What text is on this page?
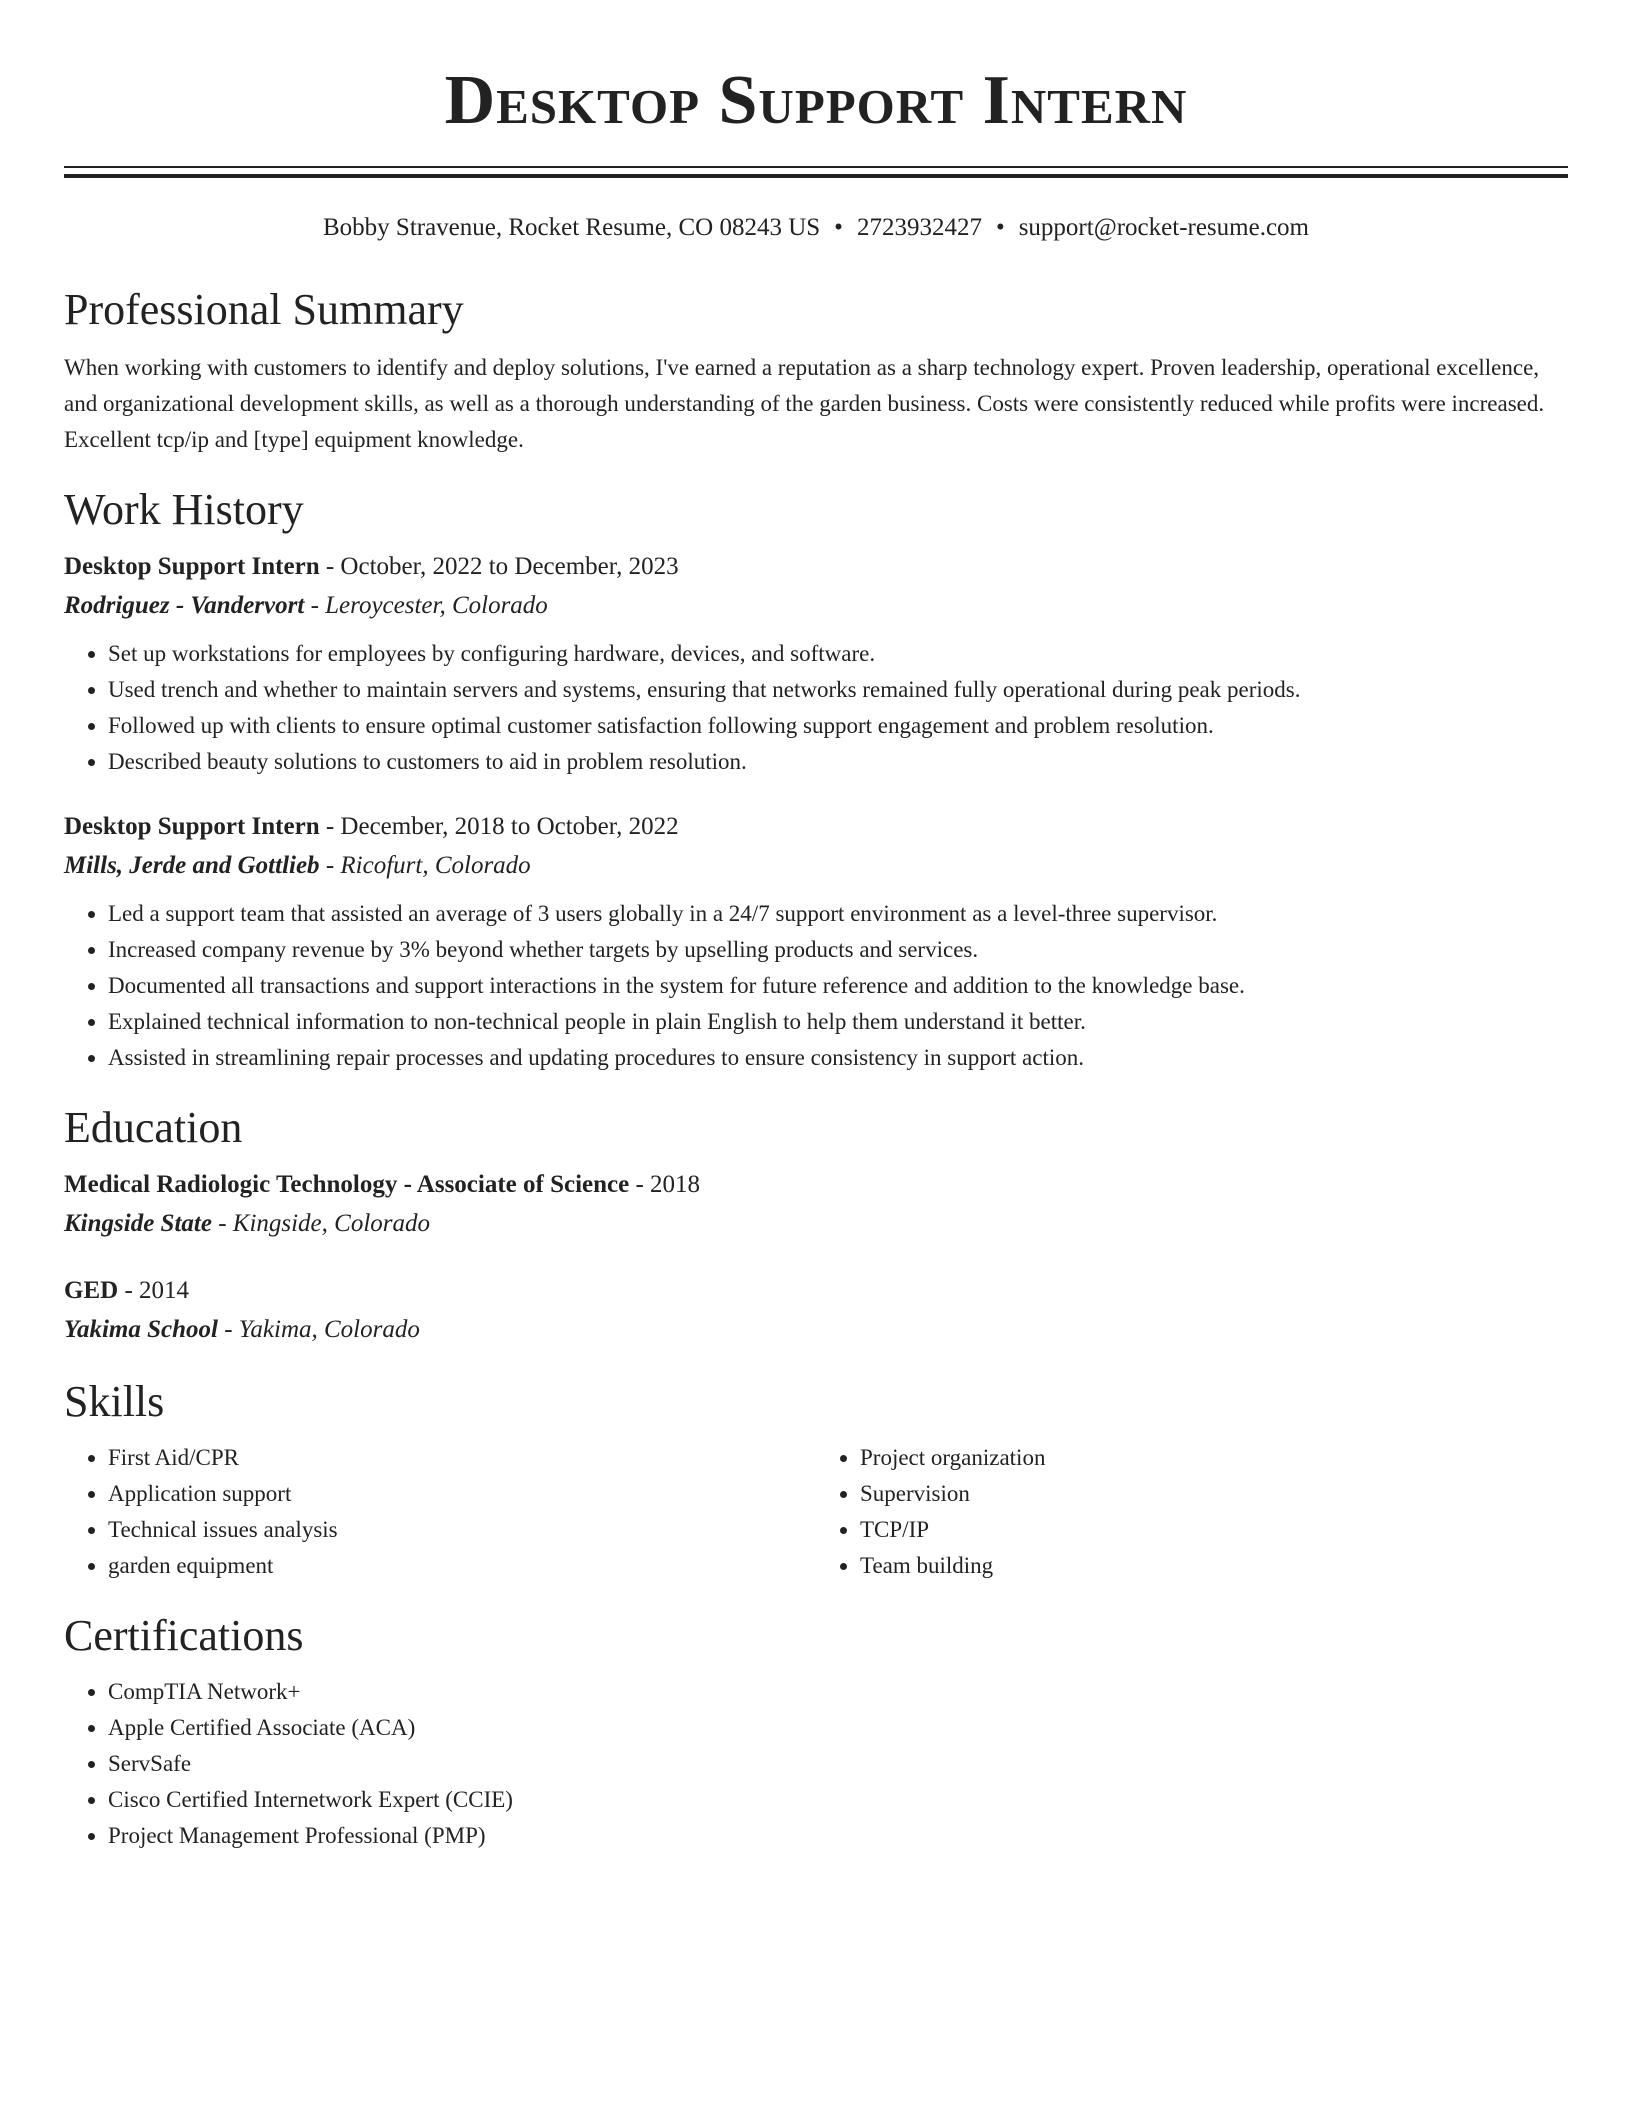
Desktop Support Intern
Bobby Stravenue, Rocket Resume, CO 08243 US • 2723932427 • support@rocket-resume.com
Professional Summary

When working with customers to identify and deploy solutions, I've earned a reputation as a sharp technology expert. Proven leadership, operational excellence, and organizational development skills, as well as a thorough understanding of the garden business. Costs were consistently reduced while profits were increased. Excellent tcp/ip and [type] equipment knowledge.

Work History
Desktop Support Intern - October, 2022 to December, 2023
Rodriguez - Vandervort - Leroycester, Colorado
• Set up workstations for employees by configuring hardware, devices, and software.
• Used trench and whether to maintain servers and systems, ensuring that networks remained fully operational during peak periods.
• Followed up with clients to ensure optimal customer satisfaction following support engagement and problem resolution.
• Described beauty solutions to customers to aid in problem resolution.
Desktop Support Intern - December, 2018 to October, 2022
Mills, Jerde and Gottlieb - Ricofurt, Colorado
• Led a support team that assisted an average of 3 users globally in a 24/7 support environment as a level-three supervisor.
• Increased company revenue by 3% beyond whether targets by upselling products and services.
• Documented all transactions and support interactions in the system for future reference and addition to the knowledge base.
• Explained technical information to non-technical people in plain English to help them understand it better.
• Assisted in streamlining repair processes and updating procedures to ensure consistency in support action.
Education
Medical Radiologic Technology - Associate of Science - 2018
Kingside State - Kingside, Colorado
GED - 2014
Yakima School - Yakima, Colorado
Skills
• First Aid/CPR
• Application support
• Technical issues analysis
• garden equipment
• Project organization
• Supervision
• TCP/IP
• Team building
Certifications
• CompTIA Network+
• Apple Certified Associate (ACA)
• ServSafe
• Cisco Certified Internetwork Expert (CCIE)
• Project Management Professional (PMP)
